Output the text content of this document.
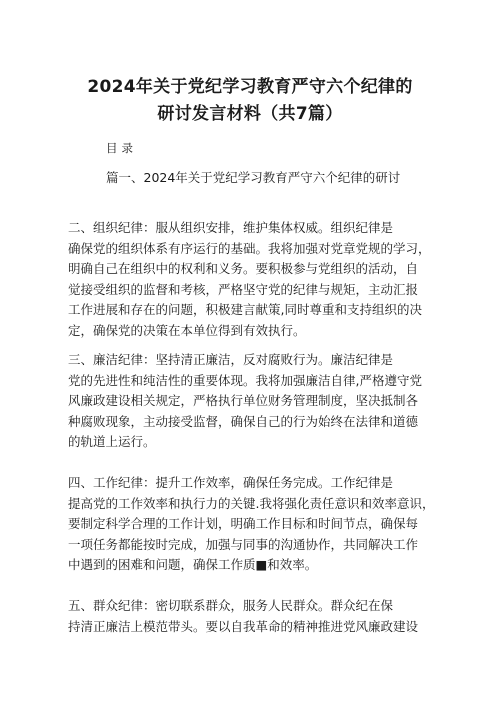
2024年关于党纪学习教育严守六个纪律的
研讨发言材料（共7篇）
目录
篇一、2024年关于党纪学习教育严守六个纪律的研讨
二、组织纪律：服从组织安排，维护集体权威。组织纪律是
确保党的组织体系有序运行的基础。我将加强对党章党规的学习，
明确自己在组织中的权利和义务。要积极参与党组织的活动，自
觉接受组织的监督和考核，严格坚守党的纪律与规矩，主动汇报
工作进展和存在的问题，积极建言献策,同时尊重和支持组织的决
定，确保党的决策在本单位得到有效执行。
三、廉洁纪律：坚持清正廉洁，反对腐败行为。廉洁纪律是
党的先进性和纯洁性的重要体现。我将加强廉洁自律,严格遵守党
风廉政建设相关规定，严格执行单位财务管理制度，坚决抵制各
种腐败现象，主动接受监督，确保自己的行为始终在法律和道德
的轨道上运行。
四、工作纪律：提升工作效率，确保任务完成。工作纪律是
提高党的工作效率和执行力的关键.我将强化责任意识和效率意识，
要制定科学合理的工作计划，明确工作目标和时间节点，确保每
一项任务都能按时完成，加强与同事的沟通协作，共同解决工作
中遇到的困难和问题，确保工作质■和效率。
五、群众纪律：密切联系群众，服务人民群众。群众纪在保
持清正廉洁上模范带头。要以自我革命的精神推进党风廉政建设
